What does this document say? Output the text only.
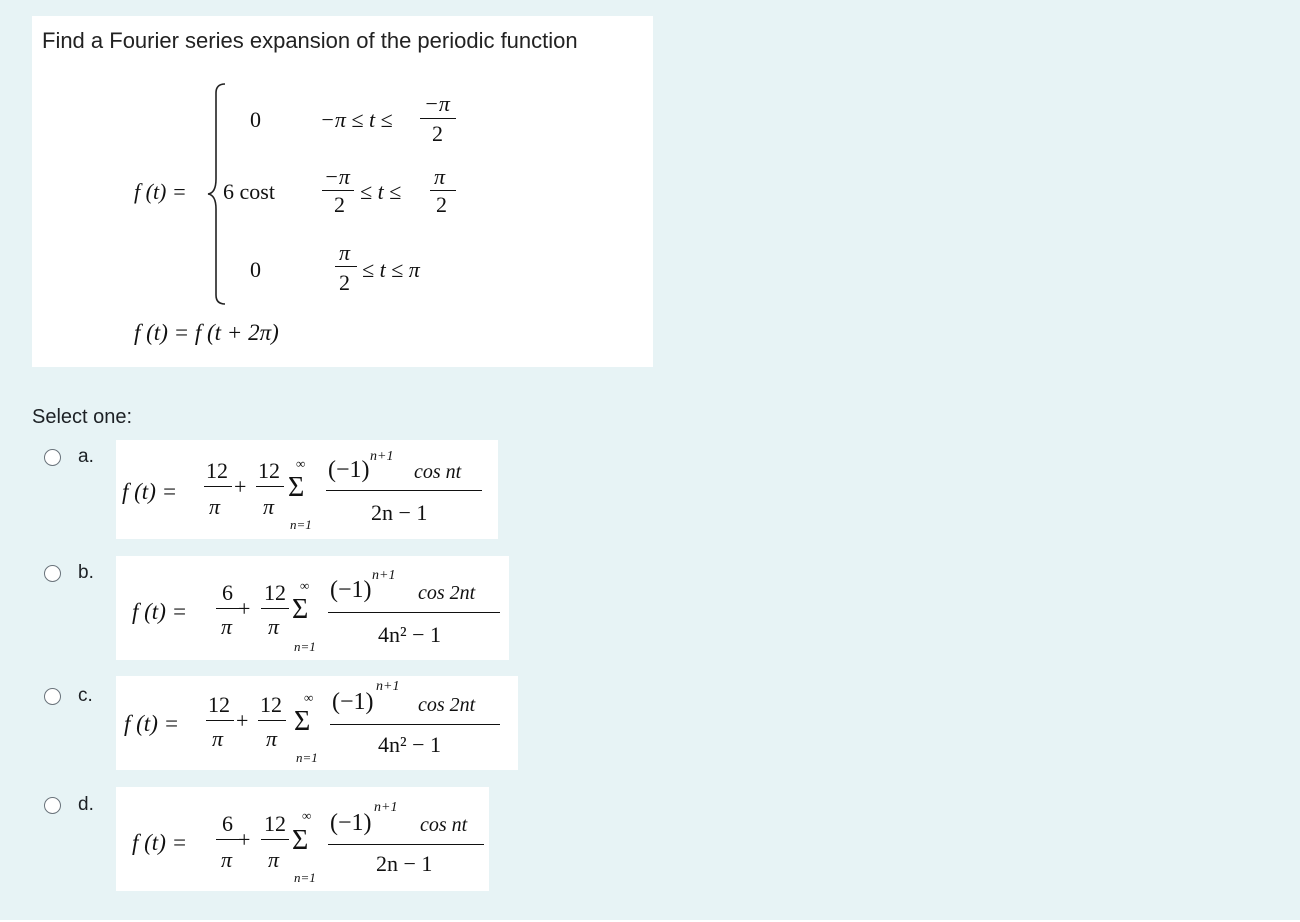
Find a Fourier series expansion of the periodic function
f (t) =
0	−π ≤ t ≤
−π
2
6 cost
−π
2
≤ t ≤
π
2
0
π
2
≤ t ≤ π
f (t) = f (t + 2π)
Select one:
a.
f (t) =
12
π
+
12
π
∞
Σ
n=1
(−1)
n+1
cos nt
2n − 1
b.
f (t) =
6
π
+
12
π
∞
Σ
n=1
(−1)
n+1
cos 2nt
4n² − 1
c.
f (t) =
12
π
+
12
π
∞
Σ
n=1
(−1)
n+1
cos 2nt
4n² − 1
d.
f (t) =
6
π
+
12
π
∞
Σ
n=1
(−1)
n+1
cos nt
2n − 1
